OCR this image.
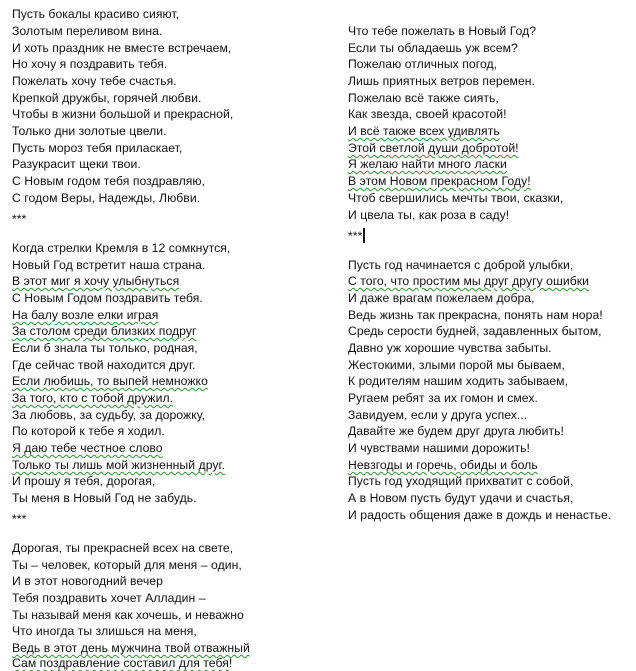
Пусть бокалы красиво сияют,
Золотым переливом вина.
И хоть праздник не вместе встречаем,
Но хочу я поздравить тебя.
Пожелать хочу тебе счастья.
Крепкой дружбы, горячей любви.
Чтобы в жизни большой и прекрасной,
Только дни золотые цвели.
Пусть мороз тебя приласкает,
Разукрасит щеки твои.
С Новым годом тебя поздравляю,
С годом Веры, Надежды, Любви.
***
Когда стрелки Кремля в 12 сомкнутся,
Новый Год встретит наша страна.
В этот миг я хочу улыбнуться
С Новым Годом поздравить тебя.
На балу возле елки играя
За столом среди близких подруг
Если б знала ты только, родная,
Где сейчас твой находится друг.
Если любишь, то выпей немножко
За того, кто с тобой дружил.
За любовь, за судьбу, за дорожку,
По которой к тебе я ходил.
Я даю тебе честное слово
Только ты лишь мой жизненный друг.
И прошу я тебя, дорогая,
Ты меня в Новый Год не забудь.
***
Дорогая, ты прекрасней всех на свете,
Ты – человек, который для меня – один,
И в этот новогодний вечер
Тебя поздравить хочет Алладин –
Ты называй меня как хочешь, и неважно
Что иногда ты злишься на меня,
Ведь в этот день мужчина твой отважный
Сам поздравление составил для тебя!
Что тебе пожелать в Новый Год?
Если ты обладаешь уж всем?
Пожелаю отличных погод,
Лишь приятных ветров перемен.
Пожелаю всё также сиять,
Как звезда, своей красотой!
И всё также всех удивлять
Этой светлой души добротой!
Я желаю найти много ласки
В этом Новом прекрасном Году!
Чтоб свершились мечты твои, сказки,
И цвела ты, как роза в саду!
***
Пусть год начинается с доброй улыбки,
С того, что простим мы друг другу ошибки
И даже врагам пожелаем добра,
Ведь жизнь так прекрасна, понять нам нора!
Средь серости будней, задавленных бытом,
Давно уж хорошие чувства забыты.
Жестокими, злыми порой мы бываем,
К родителям нашим ходить забываем,
Ругаем ребят за их гомон и смех.
Завидуем, если у друга успех...
Давайте же будем друг друга любить!
И чувствами нашими дорожить!
Невзгоды и горечь, обиды и боль
Пусть год уходящий прихватит с собой,
А в Новом пусть будут удачи и счастья,
И радость общения даже в дождь и ненастье.
